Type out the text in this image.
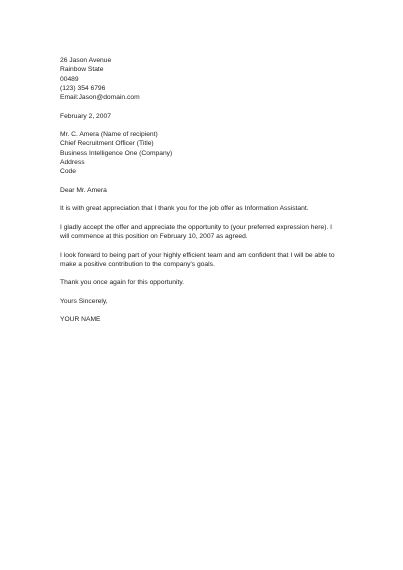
26 Jason Avenue
Rainbow State
00489
(123) 354 6796
Email:Jason@domain.com
February 2, 2007
Mr. C. Amera (Name of recipient)
Chief Recruitment Officer (Title)
Business Intelligence One (Company)
Address
Code
Dear Mr. Amera
It is with great appreciation that I thank you for the job offer as Information Assistant.
I gladly accept the offer and appreciate the opportunity to (your preferred expression here). I
will commence at this position on February 10, 2007 as agreed.
I look forward to being part of your highly efficient team and am confident that I will be able to
make a positive contribution to the company's goals.
Thank you once again for this opportunity.
Yours Sincerely,
YOUR NAME
